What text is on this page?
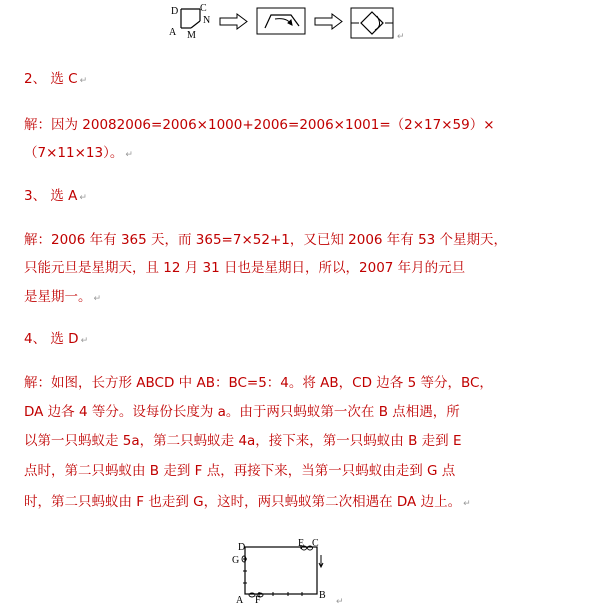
D C
N
A M	↵
2、 选 C ↵
解：因为 20082006=2006×1000+2006=2006×1001=（2×17×59）×
（7×11×13）。 ↵
3、 选 A ↵
解：2006 年有 365 天，而 365=7×52+1，又已知 2006 年有 53 个星期天，
只能元旦是星期天，且 12 月 31 日也是星期日，所以，2007 年月的元旦
是星期一。 ↵
4、 选 D ↵
解：如图，长方形 ABCD 中 AB：BC=5：4。将 AB，CD 边各 5 等分，BC，
DA 边各 4 等分。设每份长度为 a。由于两只蚂蚁第一次在 B 点相遇，所
以第一只蚂蚁走 5a，第二只蚂蚁走 4a，接下来，第一只蚂蚁由 B 走到 E
点时，第二只蚂蚁由 B 走到 F 点，再接下来，当第一只蚂蚁由走到 G 点
时，第二只蚂蚁由 F 也走到 G，这时，两只蚂蚁第二次相遇在 DA 边上。 ↵
D	E C
G
A F	B ↵
